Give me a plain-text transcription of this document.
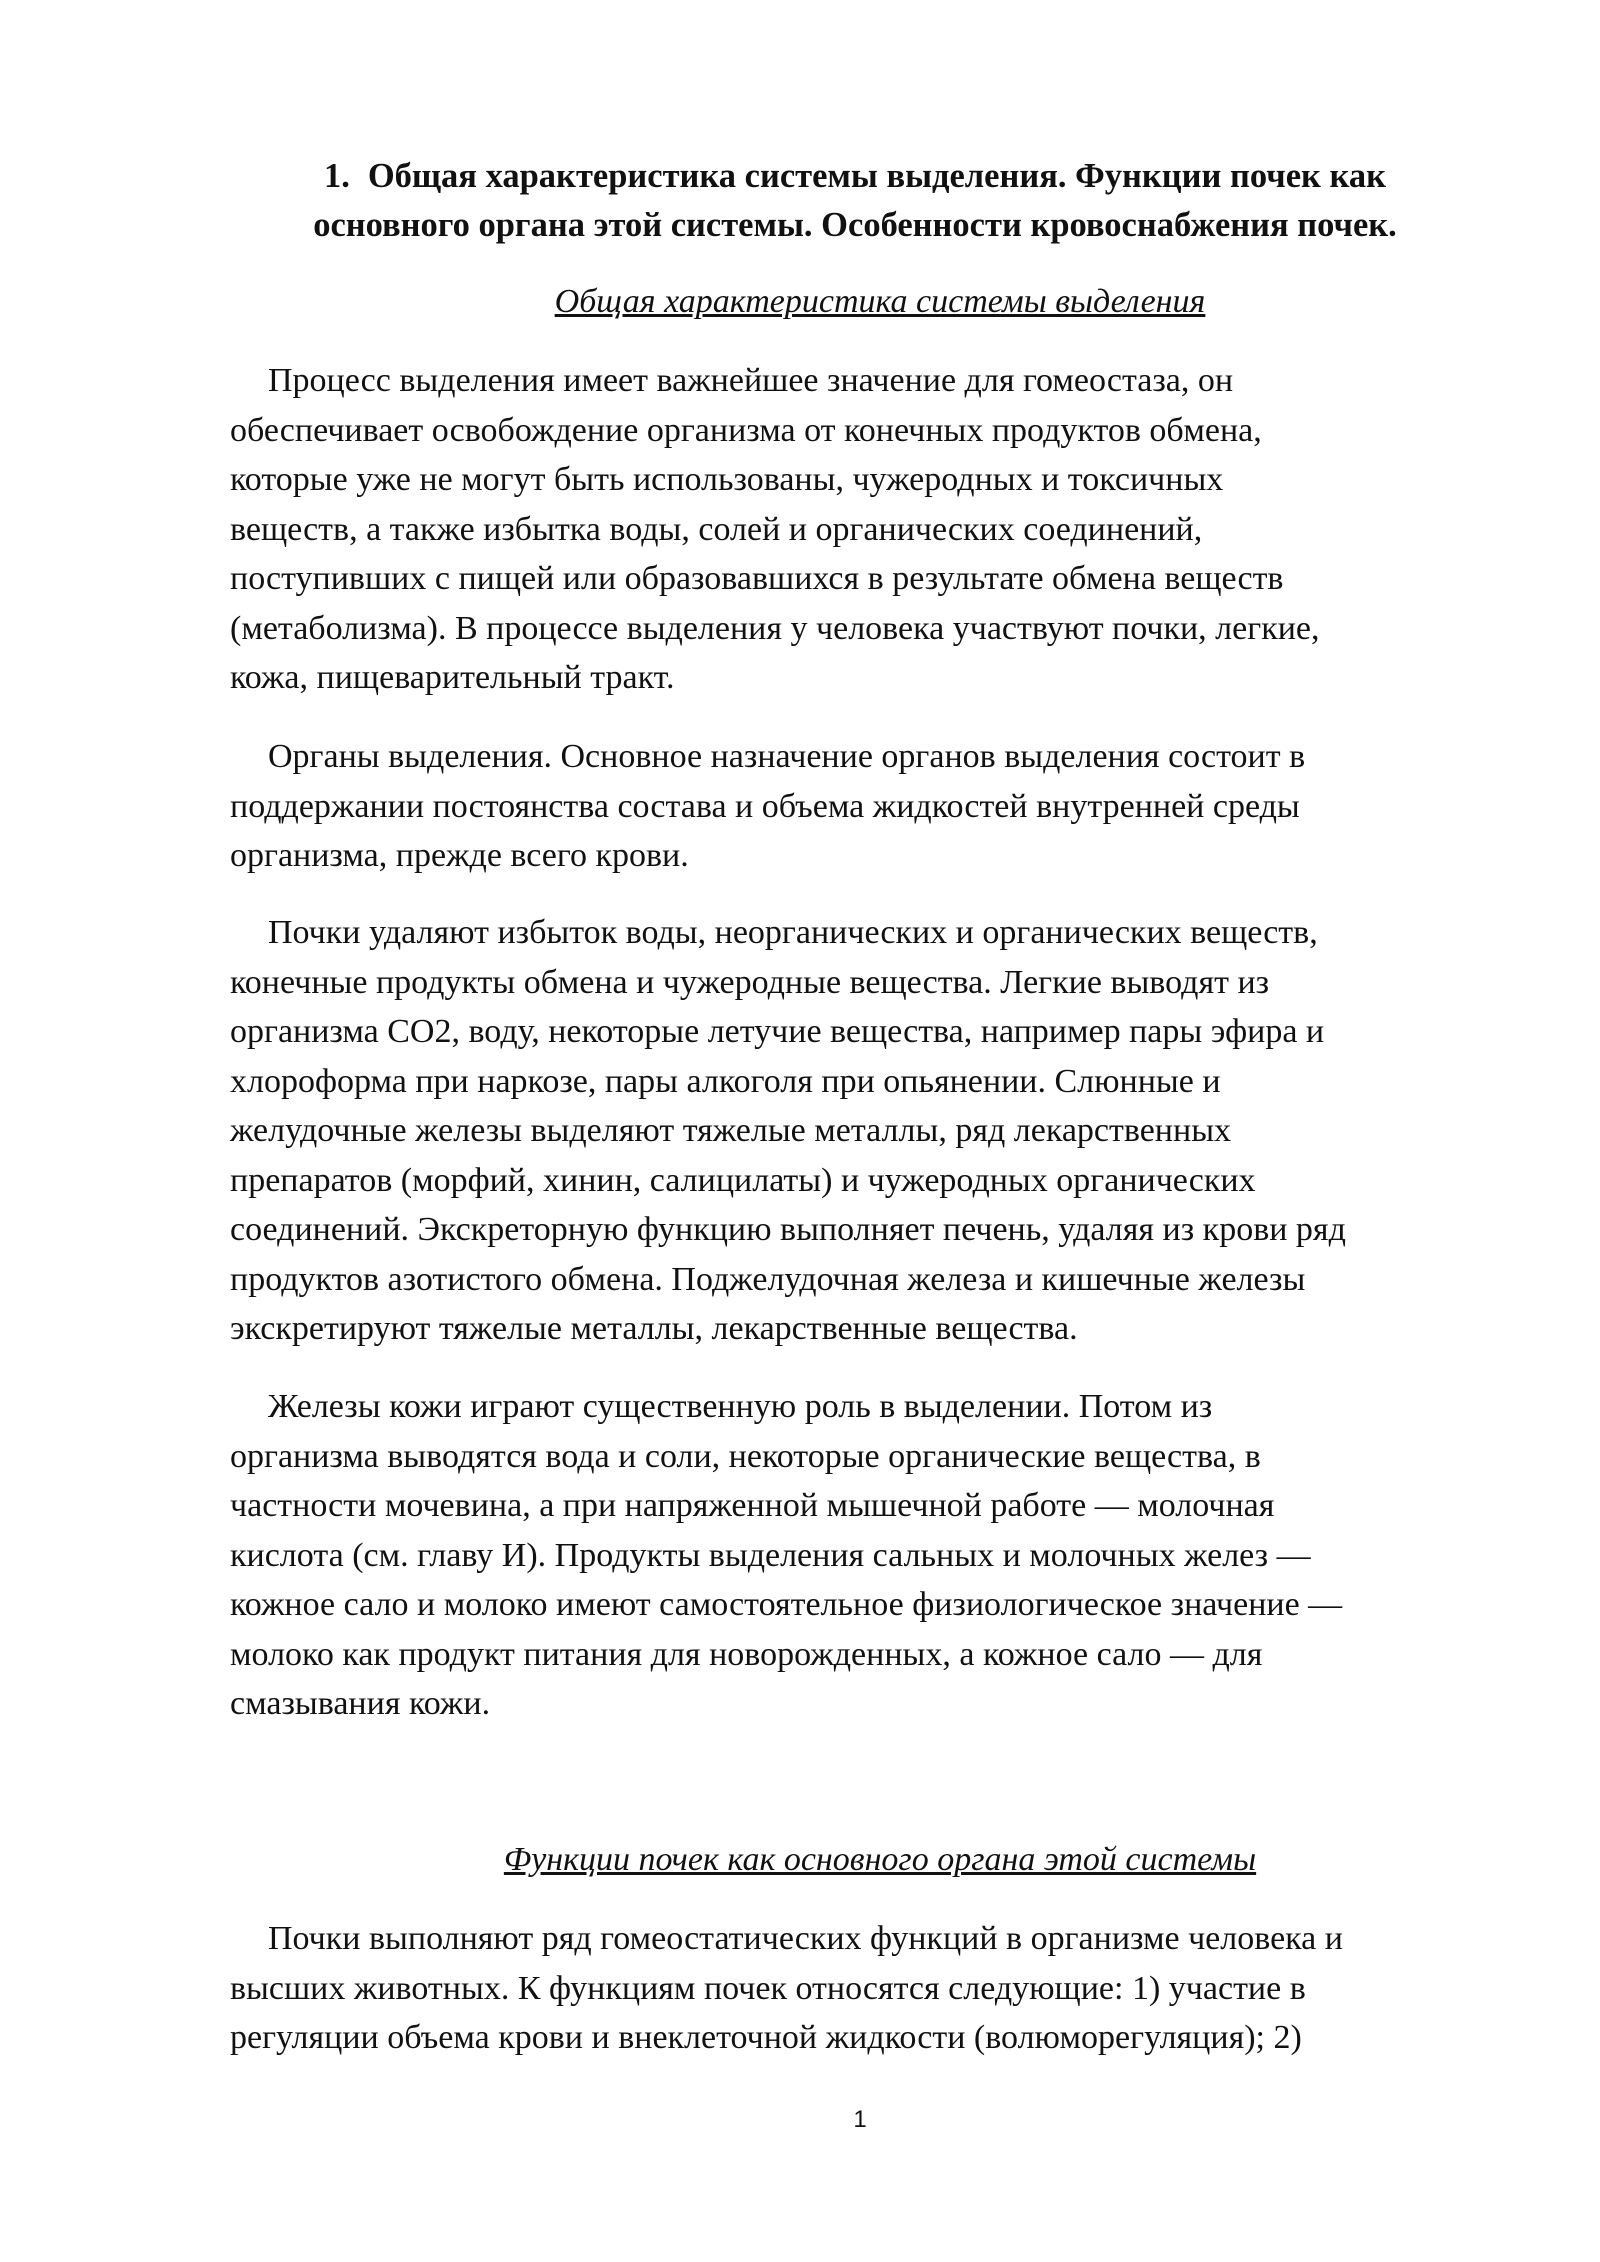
1. Общая характеристика системы выделения. Функции почек как
основного органа этой системы. Особенности кровоснабжения почек.
Общая характеристика системы выделения

Процесс выделения имеет важнейшее значение для гомеостаза, он
обеспечивает освобождение организма от конечных продуктов обмена,
которые уже не могут быть использованы, чужеродных и токсичных
веществ, а также избытка воды, солей и органических соединений,
поступивших с пищей или образовавшихся в результате обмена веществ
(метаболизма). В процессе выделения у человека участвуют почки, легкие,
кожа, пищеварительный тракт.

Органы выделения. Основное назначение органов выделения состоит в
поддержании постоянства состава и объема жидкостей внутренней среды
организма, прежде всего крови.

Почки удаляют избыток воды, неорганических и органических веществ,
конечные продукты обмена и чужеродные вещества. Легкие выводят из
организма СО2, воду, некоторые летучие вещества, например пары эфира и
хлороформа при наркозе, пары алкоголя при опьянении. Слюнные и
желудочные железы выделяют тяжелые металлы, ряд лекарственных
препаратов (морфий, хинин, салицилаты) и чужеродных органических
соединений. Экскреторную функцию выполняет печень, удаляя из крови ряд
продуктов азотистого обмена. Поджелудочная железа и кишечные железы
экскретируют тяжелые металлы, лекарственные вещества.

Железы кожи играют существенную роль в выделении. Потом из
организма выводятся вода и соли, некоторые органические вещества, в
частности мочевина, а при напряженной мышечной работе — молочная
кислота (см. главу И). Продукты выделения сальных и молочных желез —
кожное сало и молоко имеют самостоятельное физиологическое значение —
молоко как продукт питания для новорожденных, а кожное сало — для
смазывания кожи.

Функции почек как основного органа этой системы

Почки выполняют ряд гомеостатических функций в организме человека и
высших животных. К функциям почек относятся следующие: 1) участие в
регуляции объема крови и внеклеточной жидкости (волюморегуляция); 2)

1
